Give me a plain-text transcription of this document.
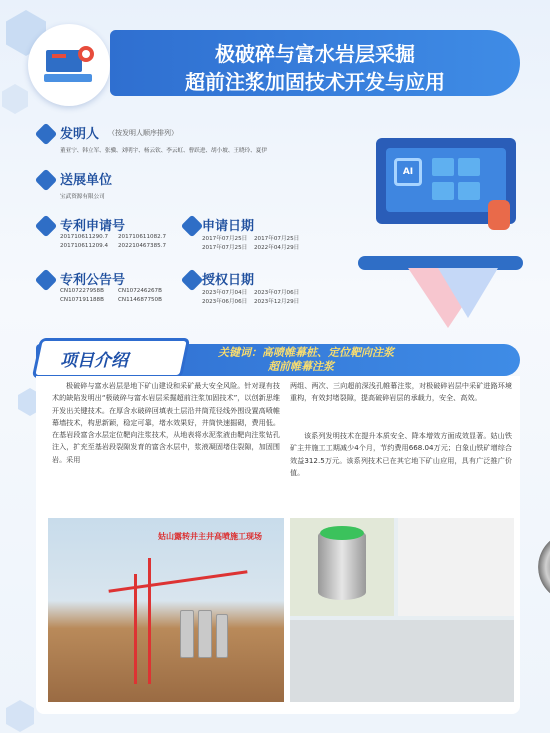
极破碎与富水岩层采掘
超前注浆加固技术开发与应用
发明人 （按发明人顺序排列）
董亚宁、韩立军、张骥、刘明宇、杨云钦、李云虹、曹跃进、胡小坡、王晓玲、夏伊
送展单位
宝武资源有限公司
专利申请号
201710611290.7 201710611082.7
201710611209.4 202210467385.7
申请日期
2017年07月25日 2017年07月25日
2017年07月25日 2022年04月29日
专利公告号
CN107227958B	CN107246267B
CN107191188B	CN114687750B
授权日期
2023年07月04日 2023年07月06日
2023年06月06日 2023年12月29日
AI
项目介绍	关键词：高喷帷幕桩、定位靶向注浆
超前帷幕注浆
极破碎与富水岩层是地下矿山建设和采矿最大安全风险。针对现有技术的缺陷发明出“极破碎与富水岩层采掘超前注浆加固技术”，以创新思维开发出关键技术。在厚含水破碎回填表土层沿井筒荒径线外围设置高喷帷幕墙技术，构思新颖，稳定可靠，堵水效果好，井筒快速掘砌，费用低。在基岩段富含水层定位靶向注浆技术，从地表将水泥浆液由靶向注浆钻孔注入，扩充至基岩段裂隙发育的富含水层中，浆液凝固堵住裂隙，加固围岩。采用
两组、两次、三向超前深浅孔帷幕注浆，对极破碎岩层中采矿进路环境重构，有效封堵裂隙，提高破碎岩层的承载力，安全、高效。
该系列发明技术在提升本质安全、降本增效方面成效显著。姑山铁矿主井施工工期减少4个月，节约费用668.04万元；白象山铁矿增综合效益312.5万元。该系列技术已在其它地下矿山应用，具有广泛推广价值。
姑山露转井主井高喷施工现场
